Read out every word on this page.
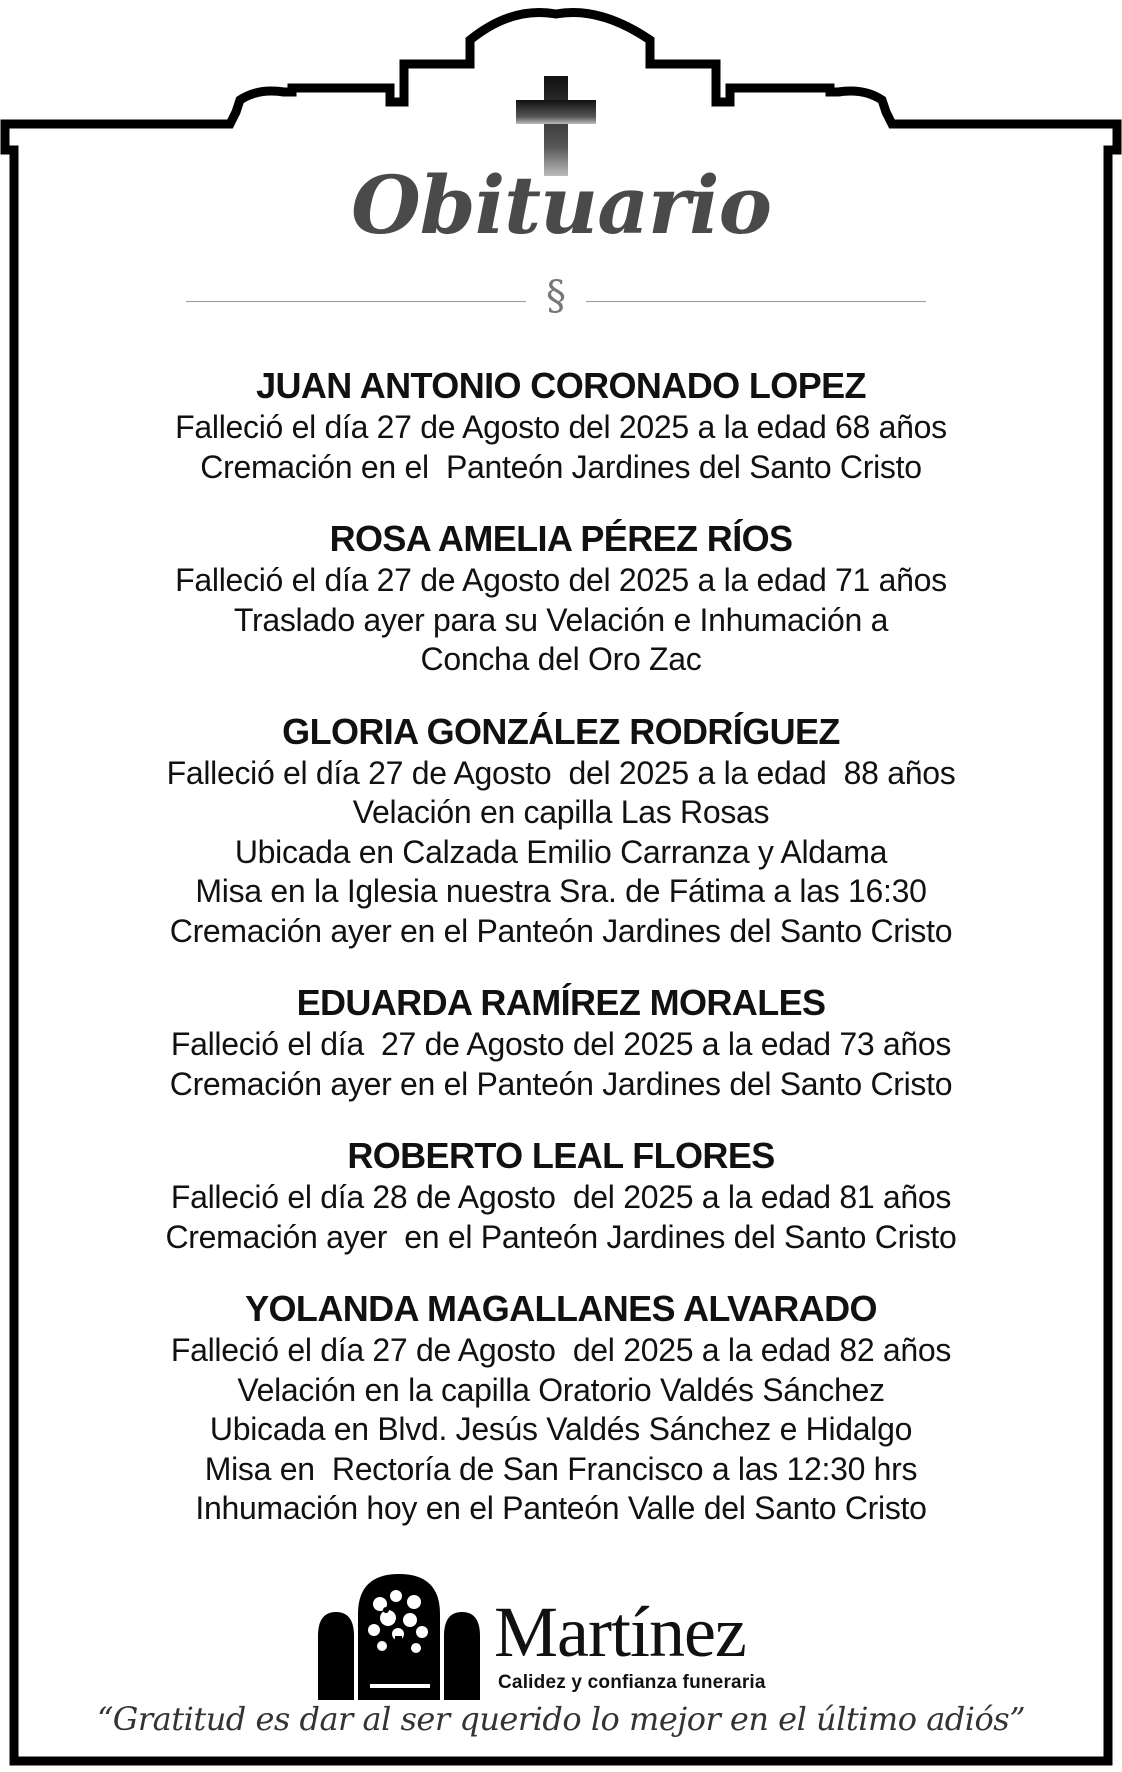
Obituario
§
JUAN ANTONIO CORONADO LOPEZ
Falleció el día 27 de Agosto del 2025 a la edad 68 años
Cremación en el  Panteón Jardines del Santo Cristo
ROSA AMELIA PÉREZ RÍOS
Falleció el día 27 de Agosto del 2025 a la edad 71 años
Traslado ayer para su Velación e Inhumación a
Concha del Oro Zac
GLORIA GONZÁLEZ RODRÍGUEZ
Falleció el día 27 de Agosto  del 2025 a la edad  88 años
Velación en capilla Las Rosas
Ubicada en Calzada Emilio Carranza y Aldama
Misa en la Iglesia nuestra Sra. de Fátima a las 16:30
Cremación ayer en el Panteón Jardines del Santo Cristo
EDUARDA RAMÍREZ MORALES
Falleció el día  27 de Agosto del 2025 a la edad 73 años
Cremación ayer en el Panteón Jardines del Santo Cristo
ROBERTO LEAL FLORES
Falleció el día 28 de Agosto  del 2025 a la edad 81 años
Cremación ayer  en el Panteón Jardines del Santo Cristo
YOLANDA MAGALLANES ALVARADO
Falleció el día 27 de Agosto  del 2025 a la edad 82 años
Velación en la capilla Oratorio Valdés Sánchez
Ubicada en Blvd. Jesús Valdés Sánchez e Hidalgo
Misa en  Rectoría de San Francisco a las 12:30 hrs
Inhumación hoy en el Panteón Valle del Santo Cristo
Martínez
Calidez y confianza funeraria
“Gratitud es dar al ser querido lo mejor en el último adiós”
